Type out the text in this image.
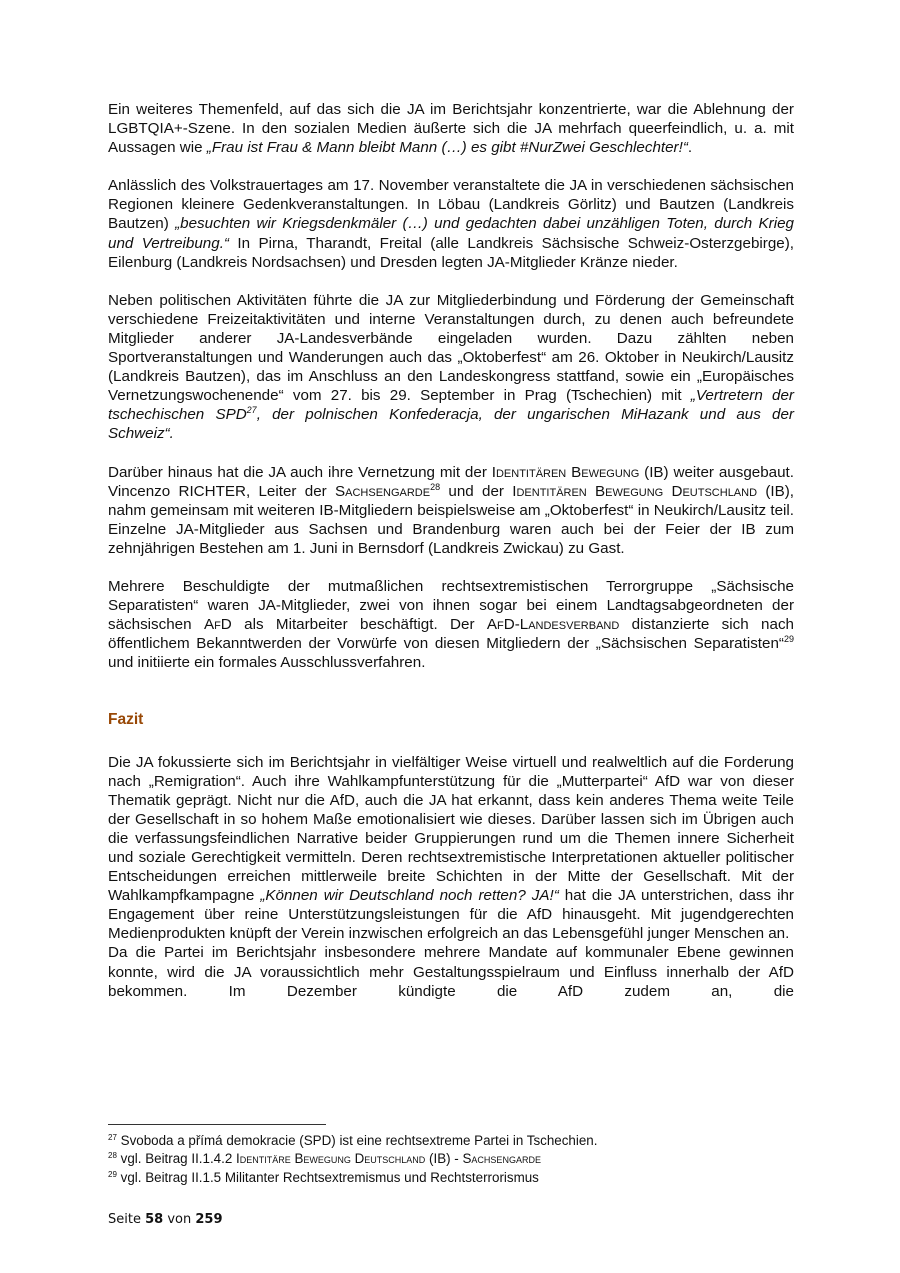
Ein weiteres Themenfeld, auf das sich die JA im Berichtsjahr konzentrierte, war die Ablehnung der LGBTQIA+-Szene. In den sozialen Medien äußerte sich die JA mehrfach queerfeindlich, u. a. mit Aussagen wie „Frau ist Frau & Mann bleibt Mann (…) es gibt #NurZwei Geschlechter!“.

Anlässlich des Volkstrauertages am 17. November veranstaltete die JA in verschiedenen sächsischen Regionen kleinere Gedenkveranstaltungen. In Löbau (Landkreis Görlitz) und Bautzen (Landkreis Bautzen) „besuchten wir Kriegsdenkmäler (…) und gedachten dabei unzähligen Toten, durch Krieg und Vertreibung.“ In Pirna, Tharandt, Freital (alle Landkreis Sächsische Schweiz-Osterzgebirge), Eilenburg (Landkreis Nordsachsen) und Dresden legten JA-Mitglieder Kränze nieder.

Neben politischen Aktivitäten führte die JA zur Mitgliederbindung und Förderung der Gemeinschaft verschiedene Freizeitaktivitäten und interne Veranstaltungen durch, zu denen auch befreundete Mitglieder anderer JA-Landesverbände eingeladen wurden. Dazu zählten neben Sportveranstaltungen und Wanderungen auch das „Oktoberfest“ am 26. Oktober in Neukirch/Lausitz (Landkreis Bautzen), das im Anschluss an den Landeskongress stattfand, sowie ein „Europäisches Vernetzungswochenende“ vom 27. bis 29. September in Prag (Tschechien) mit „Vertretern der tschechischen SPD$^{27}$, der polnischen Konfederacja, der ungarischen MiHazank und aus der Schweiz“.

Darüber hinaus hat die JA auch ihre Vernetzung mit der Identitären Bewegung (IB) weiter ausgebaut. Vincenzo RICHTER, Leiter der Sachsengarde$^{28}$ und der Identitären Bewegung Deutschland (IB), nahm gemeinsam mit weiteren IB-Mitgliedern beispielsweise am „Oktoberfest“ in Neukirch/Lausitz teil. Einzelne JA-Mitglieder aus Sachsen und Brandenburg waren auch bei der Feier der IB zum zehnjährigen Bestehen am 1. Juni in Bernsdorf (Landkreis Zwickau) zu Gast.

Mehrere Beschuldigte der mutmaßlichen rechtsextremistischen Terrorgruppe „Sächsische Separatisten“ waren JA-Mitglieder, zwei von ihnen sogar bei einem Landtagsabgeordneten der sächsischen AfD als Mitarbeiter beschäftigt. Der AfD-Landesverband distanzierte sich nach öffentlichem Bekanntwerden der Vorwürfe von diesen Mitgliedern der „Sächsischen Separatisten“$^{29}$ und initiierte ein formales Ausschlussverfahren.

Fazit

Die JA fokussierte sich im Berichtsjahr in vielfältiger Weise virtuell und realweltlich auf die Forderung nach „Remigration“. Auch ihre Wahlkampfunterstützung für die „Mutterpartei“ AfD war von dieser Thematik geprägt. Nicht nur die AfD, auch die JA hat erkannt, dass kein anderes Thema weite Teile der Gesellschaft in so hohem Maße emotionalisiert wie dieses. Darüber lassen sich im Übrigen auch die verfassungsfeindlichen Narrative beider Gruppierungen rund um die Themen innere Sicherheit und soziale Gerechtigkeit vermitteln. Deren rechtsextremistische Interpretationen aktueller politischer Entscheidungen erreichen mittlerweile breite Schichten in der Mitte der Gesellschaft. Mit der Wahlkampfkampagne „Können wir Deutschland noch retten? JA!“ hat die JA unterstrichen, dass ihr Engagement über reine Unterstützungsleistungen für die AfD hinausgeht. Mit jugendgerechten Medienprodukten knüpft der Verein inzwischen erfolgreich an das Lebensgefühl junger Menschen an.

Da die Partei im Berichtsjahr insbesondere mehrere Mandate auf kommunaler Ebene gewinnen konnte, wird die JA voraussichtlich mehr Gestaltungsspielraum und Einfluss innerhalb der AfD bekommen. Im Dezember kündigte die AfD zudem an, die

$^{27}$ Svoboda a přímá demokracie (SPD) ist eine rechtsextreme Partei in Tschechien.
$^{28}$ vgl. Beitrag II.1.4.2 Identitäre Bewegung Deutschland (IB) - Sachsengarde
$^{29}$ vgl. Beitrag II.1.5 Militanter Rechtsextremismus und Rechtsterrorismus
Seite 58 von 259
